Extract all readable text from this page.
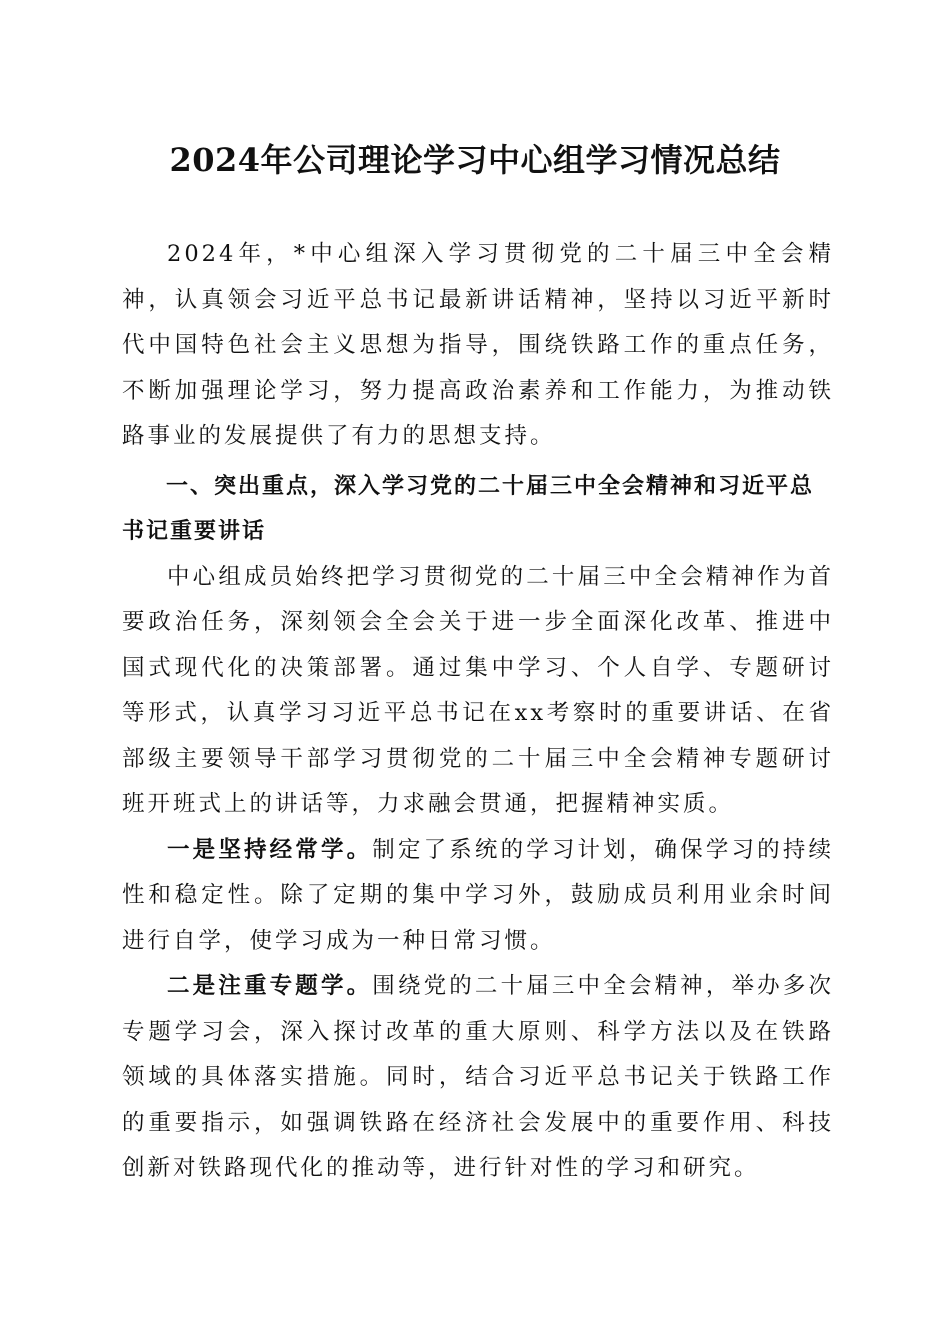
2024年公司理论学习中心组学习情况总结

2024年，*中心组深入学习贯彻党的二十届三中全会精神，认真领会习近平总书记最新讲话精神，坚持以习近平新时代中国特色社会主义思想为指导，围绕铁路工作的重点任务，不断加强理论学习，努力提高政治素养和工作能力，为推动铁路事业的发展提供了有力的思想支持。

一、突出重点，深入学习党的二十届三中全会精神和习近平总书记重要讲话

中心组成员始终把学习贯彻党的二十届三中全会精神作为首要政治任务，深刻领会全会关于进一步全面深化改革、推进中国式现代化的决策部署。通过集中学习、个人自学、专题研讨等形式，认真学习习近平总书记在xx考察时的重要讲话、在省部级主要领导干部学习贯彻党的二十届三中全会精神专题研讨班开班式上的讲话等，力求融会贯通，把握精神实质。

一是坚持经常学。制定了系统的学习计划，确保学习的持续性和稳定性。除了定期的集中学习外，鼓励成员利用业余时间进行自学，使学习成为一种日常习惯。

二是注重专题学。围绕党的二十届三中全会精神，举办多次专题学习会，深入探讨改革的重大原则、科学方法以及在铁路领域的具体落实措施。同时，结合习近平总书记关于铁路工作的重要指示，如强调铁路在经济社会发展中的重要作用、科技创新对铁路现代化的推动等，进行针对性的学习和研究。
